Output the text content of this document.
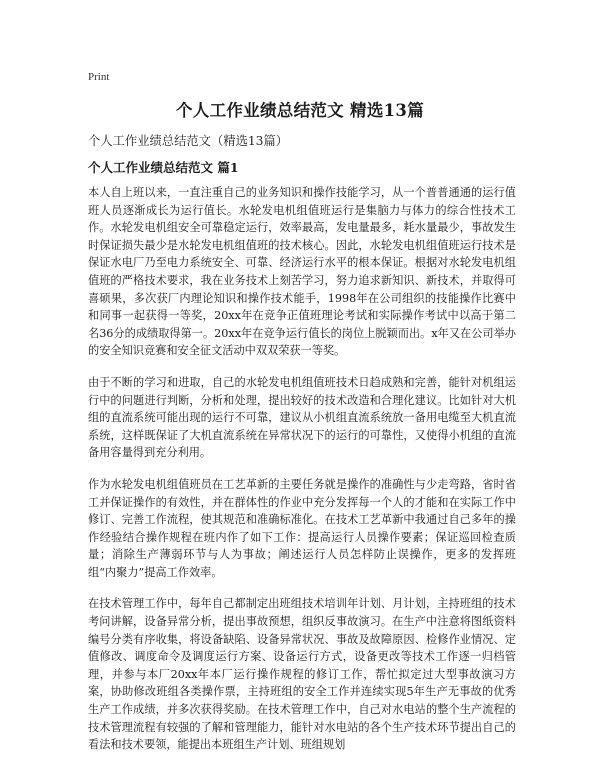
Print
个人工作业绩总结范文 精选13篇
个人工作业绩总结范文（精选13篇）
个人工作业绩总结范文 篇1

本人自上班以来，一直注重自己的业务知识和操作技能学习，从一个普普通通的运行值班人员逐渐成长为运行值长。水轮发电机组值班运行是集脑力与体力的综合性技术工作。水轮发电机组安全可靠稳定运行，效率最高，发电量最多，耗水量最少，事故发生时保证损失最少是水轮发电机组值班的技术核心。因此，水轮发电机组值班运行技术是保证水电厂乃至电力系统安全、可靠、经济运行水平的根本保证。根据对水轮发电机组值班的严格技术要求，我在业务技术上刻苦学习，努力追求新知识、新技术，并取得可喜硕果，多次获厂内理论知识和操作技术能手，1998年在公司组织的技能操作比赛中和同事一起获得一等奖，20xx年在竞争正值班理论考试和实际操作考试中以高于第二名36分的成绩取得第一。20xx年在竞争运行值长的岗位上脱颖而出。x年又在公司举办的安全知识竞赛和安全征文活动中双双荣获一等奖。

由于不断的学习和进取，自己的水轮发电机组值班技术日趋成熟和完善，能针对机组运行中的问题进行判断，分析和处理，提出较好的技术改造和合理化建议。比如针对大机组的直流系统可能出现的运行不可靠，建议从小机组直流系统放一备用电缆至大机直流系统，这样既保证了大机直流系统在异常状况下的运行的可靠性，又使得小机组的直流备用容量得到充分利用。

作为水轮发电机组值班员在工艺革新的主要任务就是操作的准确性与少走弯路，省时省工并保证操作的有效性，并在群体性的作业中充分发挥每一个人的才能和在实际工作中修订、完善工作流程，使其规范和准确标准化。在技术工艺革新中我通过自己多年的操作经验结合操作规程在班内作了如下工作：提高运行人员操作要素；保证巡回检查质量；消除生产薄弱环节与人为事故；阐述运行人员怎样防止误操作，更多的发挥班组“内聚力”提高工作效率。

在技术管理工作中，每年自己都制定出班组技术培训年计划、月计划，主持班组的技术考问讲解，设备异常分析，提出事故预想，组织反事故演习。在生产中注意将图纸资料编号分类有序收集，将设备缺陷、设备异常状况、事故及故障原因、检修作业情况、定值修改、调度命令及调度运行方案、设备运行方式，设备更改等技术工作逐一归档管理，并参与本厂20xx年本厂运行操作规程的修订工作，帮忙拟定过大型事故演习方案，协助修改班组各类操作票，主持班组的安全工作并连续实现5年生产无事故的优秀生产工作成绩，并多次获得奖励。在技术管理工作中，自己对水电站的整个生产流程的技术管理流程有较强的了解和管理能力，能针对水电站的各个生产技术环节提出自己的看法和技术要领，能提出本班组生产计划、班组规划
